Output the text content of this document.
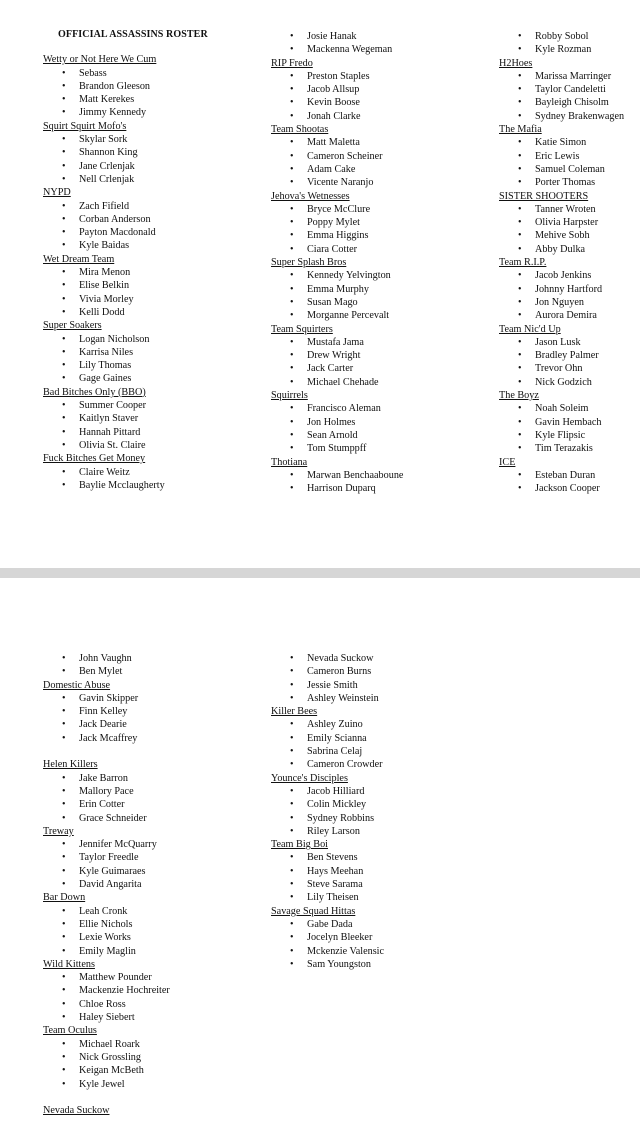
OFFICIAL ASSASSINS ROSTER
Wetty or Not Here We Cum
• Sebass
• Brandon Gleeson
• Matt Kerekes
• Jimmy Kennedy
Squirt Squirt Mofo's
• Skylar Sork
• Shannon King
• Jane Crlenjak
• Nell Crlenjak
NYPD
• Zach Fifield
• Corban Anderson
• Payton Macdonald
• Kyle Baidas
Wet Dream Team
• Mira Menon
• Elise Belkin
• Vivia Morley
• Kelli Dodd
Super Soakers
• Logan Nicholson
• Karrisa Niles
• Lily Thomas
• Gage Gaines
Bad Bitches Only (BBO)
• Summer Cooper
• Kaitlyn Staver
• Hannah Pittard
• Olivia St. Claire
Fuck Bitches Get Money
• Claire Weitz
• Baylie Mcclaugherty
• Josie Hanak
• Mackenna Wegeman
RIP Fredo
• Preston Staples
• Jacob Allsup
• Kevin Boose
• Jonah Clarke
Team Shootas
• Matt Maletta
• Cameron Scheiner
• Adam Cake
• Vicente Naranjo
Jehova's Wetnesses
• Bryce McClure
• Poppy Mylet
• Emma Higgins
• Ciara Cotter
Super Splash Bros
• Kennedy Yelvington
• Emma Murphy
• Susan Mago
• Morganne Percevalt
Team Squirters
• Mustafa Jama
• Drew Wright
• Jack Carter
• Michael Chehade
Squirrels
• Francisco Aleman
• Jon Holmes
• Sean Arnold
• Tom Stumppff
Thotiana
• Marwan Benchaaboune
• Harrison Duparq
• Robby Sobol
• Kyle Rozman
H2Hoes
• Marissa Marringer
• Taylor Candeletti
• Bayleigh Chisolm
• Sydney Brakenwagen
The Mafia
• Katie Simon
• Eric Lewis
• Samuel Coleman
• Porter Thomas
SISTER SHOOTERS
• Tanner Wroten
• Olivia Harpster
• Mehive Sobh
• Abby Dulka
Team R.I.P.
• Jacob Jenkins
• Johnny Hartford
• Jon Nguyen
• Aurora Demira
Team Nic'd Up
• Jason Lusk
• Bradley Palmer
• Trevor Ohn
• Nick Godzich
The Boyz
• Noah Soleim
• Gavin Hembach
• Kyle Flipsic
• Tim Terazakis
ICE
• Esteban Duran
• Jackson Cooper
• John Vaughn
• Ben Mylet
Domestic Abuse
• Gavin Skipper
• Finn Kelley
• Jack Dearie
• Jack Mcaffrey
Helen Killers
• Jake Barron
• Mallory Pace
• Erin Cotter
• Grace Schneider
Treway
• Jennifer McQuarry
• Taylor Freedle
• Kyle Guimaraes
• David Angarita
Bar Down
• Leah Cronk
• Ellie Nichols
• Lexie Works
• Emily Maglin
Wild Kittens
• Matthew Pounder
• Mackenzie Hochreiter
• Chloe Ross
• Haley Siebert
Team Oculus
• Michael Roark
• Nick Grossling
• Keigan McBeth
• Kyle Jewel
Nevada Suckow
• Nevada Suckow
• Cameron Burns
• Jessie Smith
• Ashley Weinstein
Killer Bees
• Ashley Zuino
• Emily Scianna
• Sabrina Celaj
• Cameron Crowder
Younce's Disciples
• Jacob Hilliard
• Colin Mickley
• Sydney Robbins
• Riley Larson
Team Big Boi
• Ben Stevens
• Hays Meehan
• Steve Sarama
• Lily Theisen
Savage Squad Hittas
• Gabe Dada
• Jocelyn Bleeker
• Mckenzie Valensic
• Sam Youngston
